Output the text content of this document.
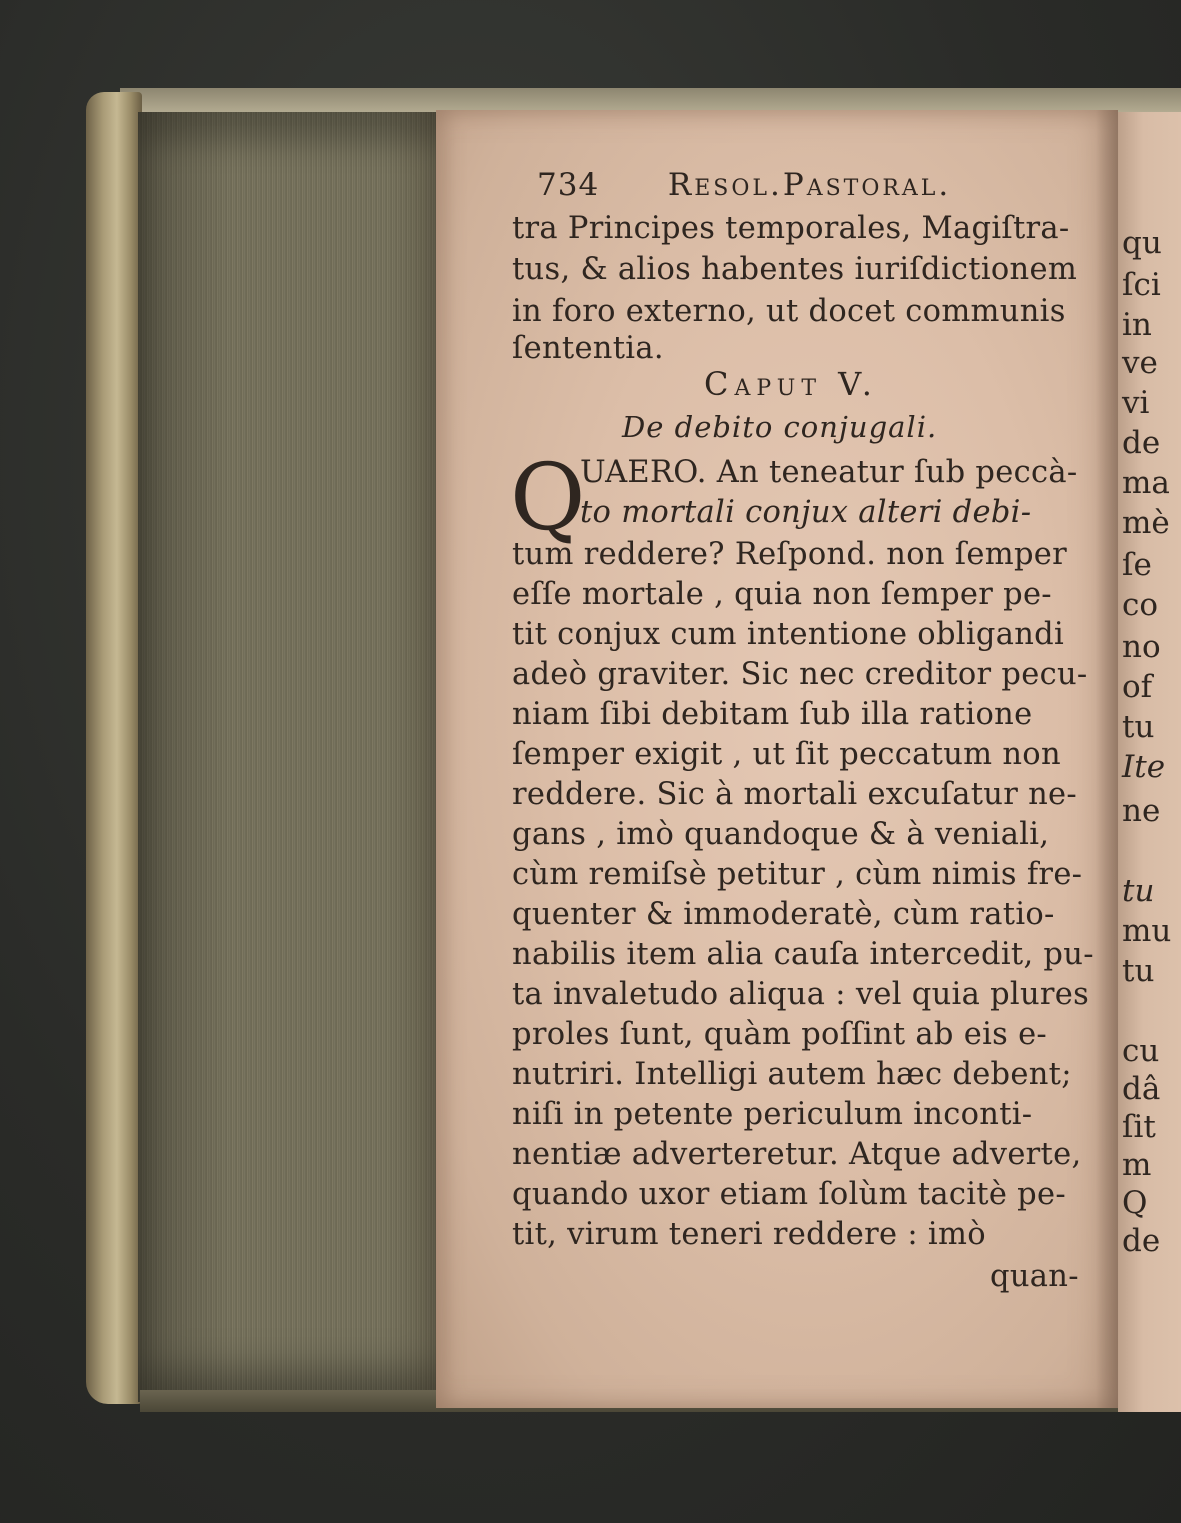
734 Resol.Pastoral.
tra Principes temporales, Magiſtra-
tus, & alios habentes iuriſdictionem
in foro externo, ut docet communis
ſententia.
Caput V.
De debito conjugali.
Q
UAERO. An teneatur ſub peccà-
to mortali conjux alteri debi-
tum reddere? Reſpond. non ſemper
eſſe mortale , quia non ſemper pe-
tit conjux cum intentione obligandi
adeò graviter. Sic nec creditor pecu-
niam ſibi debitam ſub illa ratione
ſemper exigit , ut ſit peccatum non
reddere. Sic à mortali excuſatur ne-
gans , imò quandoque & à veniali,
cùm remiſsè petitur , cùm nimis fre-
quenter & immoderatè, cùm ratio-
nabilis item alia cauſa intercedit, pu-
ta invaletudo aliqua : vel quia plures
proles ſunt, quàm poſſint ab eis e-
nutriri. Intelligi autem hæc debent;
niſi in petente periculum inconti-
nentiæ adverteretur. Atque adverte,
quando uxor etiam ſolùm tacitè pe-
tit, virum teneri reddere : imò
quan-
qu
ſci
in
ve
vi
de
ma
mè
ſe
co
no
of
tu
Ite
ne
tu
mu
tu
cu
dâ
ſit
m
Q
de
